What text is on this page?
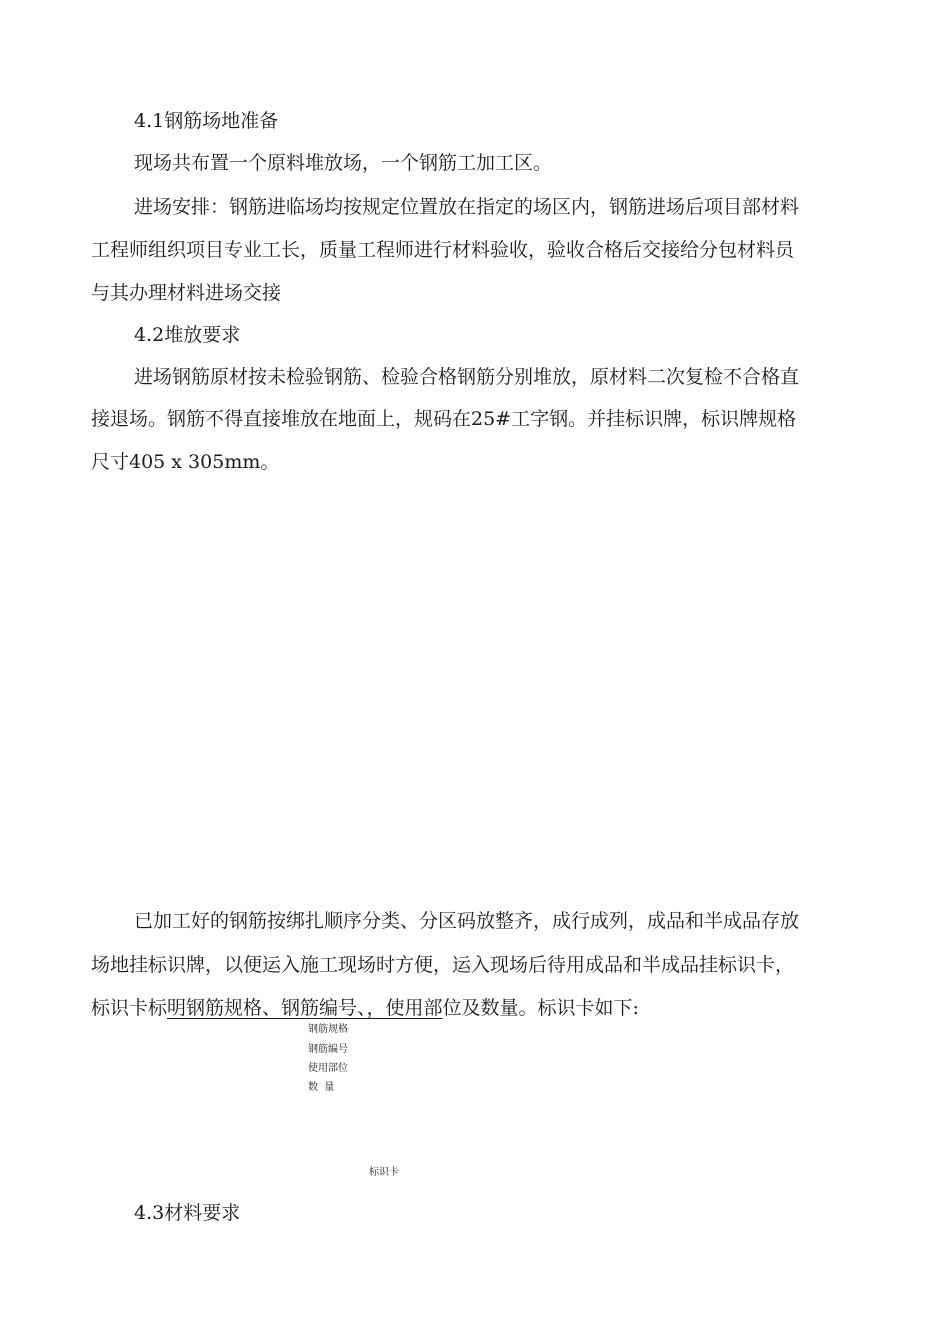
4.1钢筋场地准备
现场共布置一个原料堆放场，一个钢筋工加工区。
进场安排：钢筋进临场均按规定位置放在指定的场区内，钢筋进场后项目部材料
工程师组织项目专业工长，质量工程师进行材料验收，验收合格后交接给分包材料员
与其办理材料进场交接
4.2堆放要求
进场钢筋原材按未检验钢筋、检验合格钢筋分别堆放，原材料二次复检不合格直
接退场。钢筋不得直接堆放在地面上，规码在25#工字钢。并挂标识牌，标识牌规格
尺寸405 x 305mm。
已加工好的钢筋按绑扎顺序分类、分区码放整齐，成行成列，成品和半成品存放
场地挂标识牌，以便运入施工现场时方便，运入现场后待用成品和半成品挂标识卡，
标识卡标明钢筋规格、钢筋编号、，使用部位及数量。标识卡如下:
钢筋规格
钢筋编号
使用部位
数  量
标识卡
4.3材料要求
